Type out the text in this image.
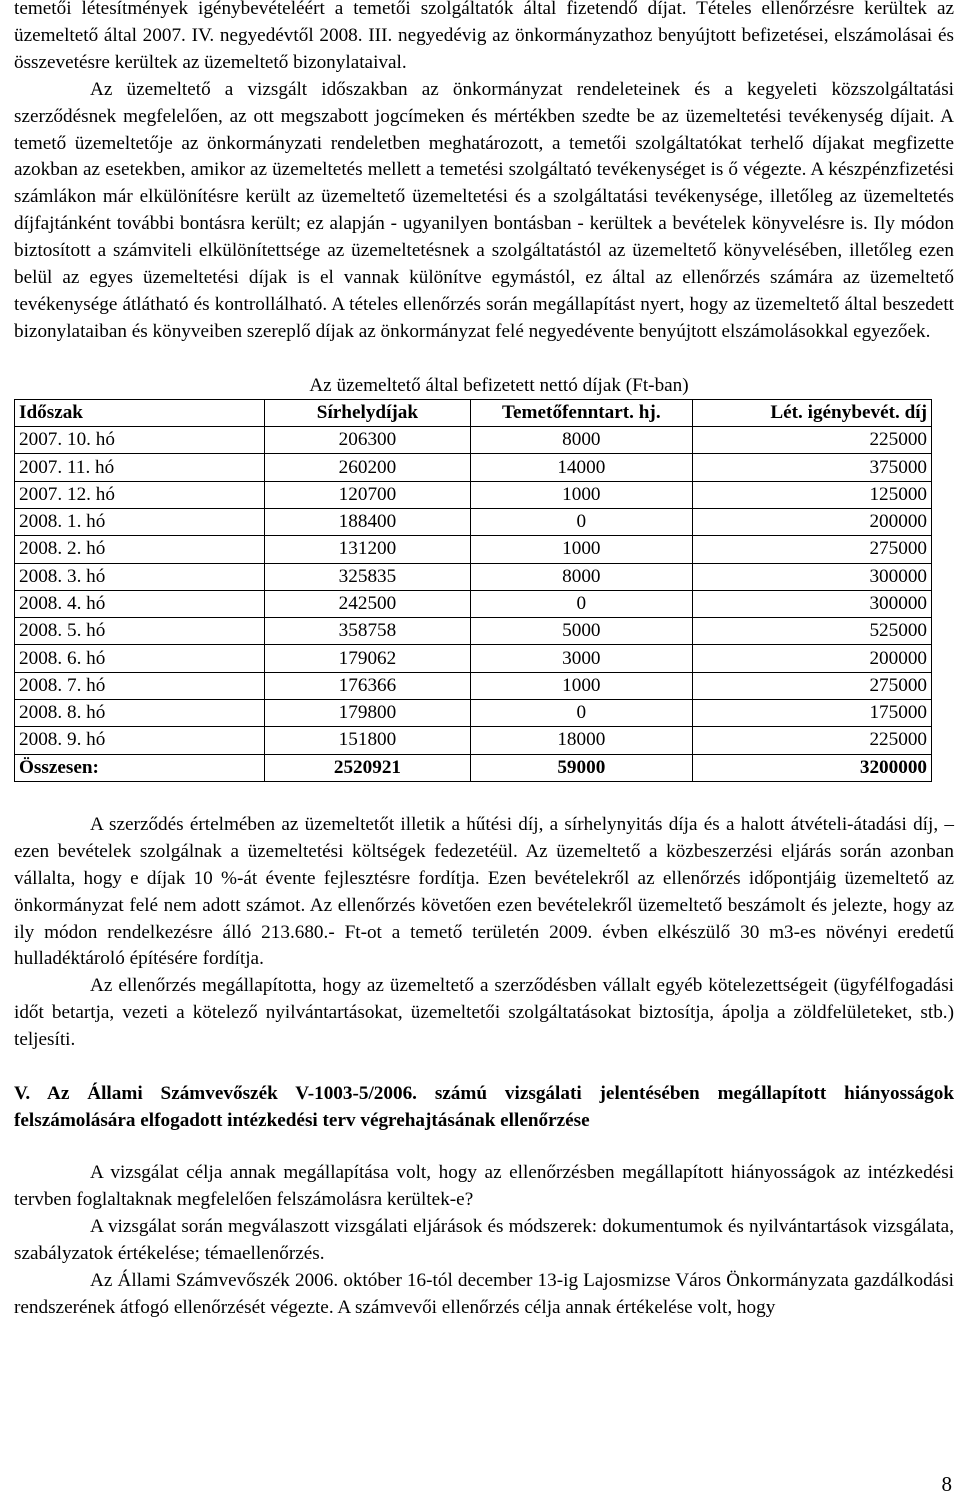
temetői létesítmények igénybevételéért a temetői szolgáltatók által fizetendő díjat. Tételes ellenőrzésre kerültek az üzemeltető által 2007. IV. negyedévtől 2008. III. negyedévig az önkormányzathoz benyújtott befizetései, elszámolásai és összevetésre kerültek az üzemeltető bizonylataival.

Az üzemeltető a vizsgált időszakban az önkormányzat rendeleteinek és a kegyeleti közszolgáltatási szerződésnek megfelelően, az ott megszabott jogcímeken és mértékben szedte be az üzemeltetési tevékenység díjait. A temető üzemeltetője az önkormányzati rendeletben meghatározott, a temetői szolgáltatókat terhelő díjakat megfizette azokban az esetekben, amikor az üzemeltetés mellett a temetési szolgáltató tevékenységet is ő végezte. A készpénzfizetési számlákon már elkülönítésre került az üzemeltető üzemeltetési és a szolgáltatási tevékenysége, illetőleg az üzemeltetés díjfajtánként további bontásra került; ez alapján - ugyanilyen bontásban - kerültek a bevételek könyvelésre is. Ily módon biztosított a számviteli elkülönítettsége az üzemeltetésnek a szolgáltatástól az üzemeltető könyvelésében, illetőleg ezen belül az egyes üzemeltetési díjak is el vannak különítve egymástól, ez által az ellenőrzés számára az üzemeltető tevékenysége átlátható és kontrollálható. A tételes ellenőrzés során megállapítást nyert, hogy az üzemeltető által beszedett bizonylataiban és könyveiben szereplő díjak az önkormányzat felé negyedévente benyújtott elszámolásokkal egyezőek.

Az üzemeltető által befizetett nettó díjak (Ft-ban)

Időszak	Sírhelydíjak	Temetőfenntart. hj.	Lét. igénybevét. díj
2007. 10. hó	206300	8000	225000
2007. 11. hó	260200	14000	375000
2007. 12. hó	120700	1000	125000
2008. 1. hó	188400	0	200000
2008. 2. hó	131200	1000	275000
2008. 3. hó	325835	8000	300000
2008. 4. hó	242500	0	300000
2008. 5. hó	358758	5000	525000
2008. 6. hó	179062	3000	200000
2008. 7. hó	176366	1000	275000
2008. 8. hó	179800	0	175000
2008. 9. hó	151800	18000	225000
Összesen:	2520921	59000	3200000

A szerződés értelmében az üzemeltetőt illetik a hűtési díj, a sírhelynyitás díja és a halott átvételi-átadási díj, – ezen bevételek szolgálnak a üzemeltetési költségek fedezetéül. Az üzemeltető a közbeszerzési eljárás során azonban vállalta, hogy e díjak 10 %-át évente fejlesztésre fordítja. Ezen bevételekről az ellenőrzés időpontjáig üzemeltető az önkormányzat felé nem adott számot. Az ellenőrzés követően ezen bevételekről üzemeltető beszámolt és jelezte, hogy az ily módon rendelkezésre álló 213.680.- Ft-ot a temető területén 2009. évben elkészülő 30 m3-es növényi eredetű hulladéktároló építésére fordítja.

Az ellenőrzés megállapította, hogy az üzemeltető a szerződésben vállalt egyéb kötelezettségeit (ügyfélfogadási időt betartja, vezeti a kötelező nyilvántartásokat, üzemeltetői szolgáltatásokat biztosítja, ápolja a zöldfelületeket, stb.) teljesíti.

V. Az Állami Számvevőszék V-1003-5/2006. számú vizsgálati jelentésében megállapított hiányosságok felszámolására elfogadott intézkedési terv végrehajtásának ellenőrzése

A vizsgálat célja annak megállapítása volt, hogy az ellenőrzésben megállapított hiányosságok az intézkedési tervben foglaltaknak megfelelően felszámolásra kerültek-e?

A vizsgálat során megválaszott vizsgálati eljárások és módszerek: dokumentumok és nyilvántartások vizsgálata, szabályzatok értékelése; témaellenőrzés.

Az Állami Számvevőszék 2006. október 16-tól december 13-ig Lajosmizse Város Önkormányzata gazdálkodási rendszerének átfogó ellenőrzését végezte. A számvevői ellenőrzés célja annak értékelése volt, hogy

8
